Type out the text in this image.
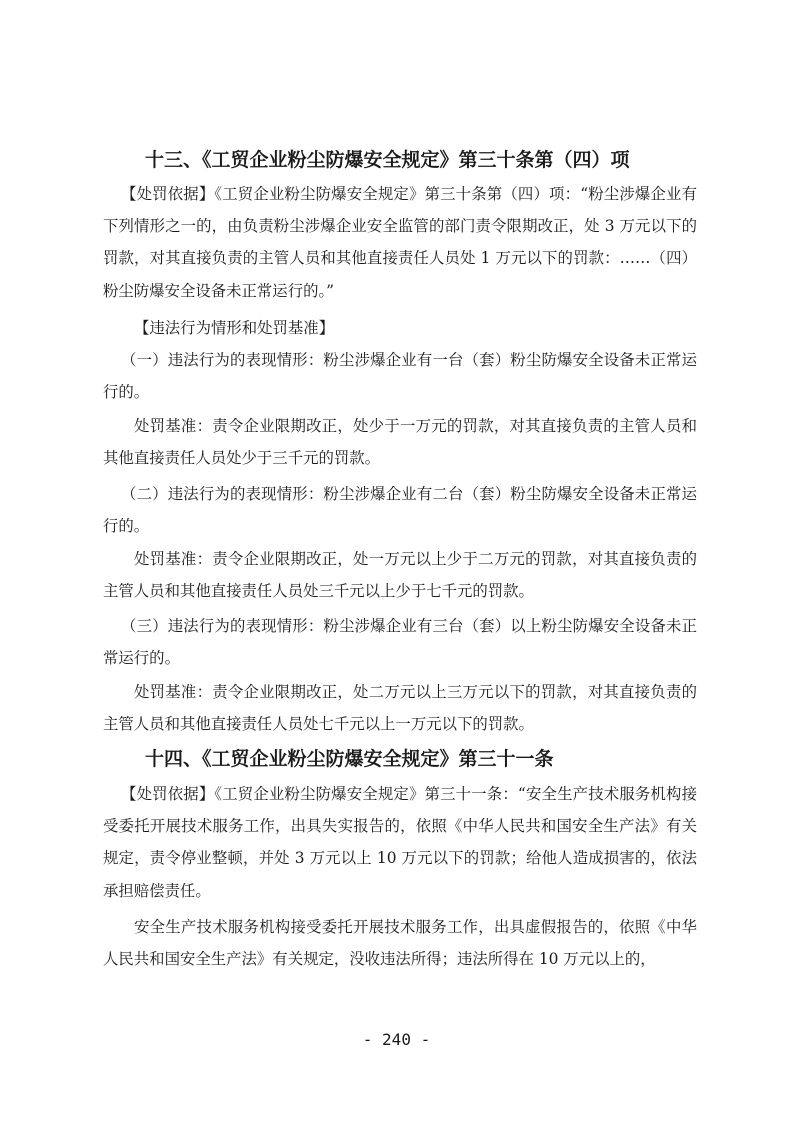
十三、《工贸企业粉尘防爆安全规定》第三十条第（四）项
【处罚依据】《工贸企业粉尘防爆安全规定》第三十条第（四）项：“粉尘涉爆企业有下列情形之一的，由负责粉尘涉爆企业安全监管的部门责令限期改正，处 3 万元以下的罚款，对其直接负责的主管人员和其他直接责任人员处 1 万元以下的罚款：……（四）粉尘防爆安全设备未正常运行的。”
【违法行为情形和处罚基准】
（一）违法行为的表现情形：粉尘涉爆企业有一台（套）粉尘防爆安全设备未正常运行的。
处罚基准：责令企业限期改正，处少于一万元的罚款，对其直接负责的主管人员和其他直接责任人员处少于三千元的罚款。
（二）违法行为的表现情形：粉尘涉爆企业有二台（套）粉尘防爆安全设备未正常运行的。
处罚基准：责令企业限期改正，处一万元以上少于二万元的罚款，对其直接负责的主管人员和其他直接责任人员处三千元以上少于七千元的罚款。
（三）违法行为的表现情形：粉尘涉爆企业有三台（套）以上粉尘防爆安全设备未正常运行的。
处罚基准：责令企业限期改正，处二万元以上三万元以下的罚款，对其直接负责的主管人员和其他直接责任人员处七千元以上一万元以下的罚款。
十四、《工贸企业粉尘防爆安全规定》第三十一条
【处罚依据】《工贸企业粉尘防爆安全规定》第三十一条：“安全生产技术服务机构接受委托开展技术服务工作，出具失实报告的，依照《中华人民共和国安全生产法》有关规定，责令停业整顿，并处 3 万元以上 10 万元以下的罚款；给他人造成损害的，依法承担赔偿责任。
安全生产技术服务机构接受委托开展技术服务工作，出具虚假报告的，依照《中华人民共和国安全生产法》有关规定，没收违法所得；违法所得在 10 万元以上的，
- 240 -
